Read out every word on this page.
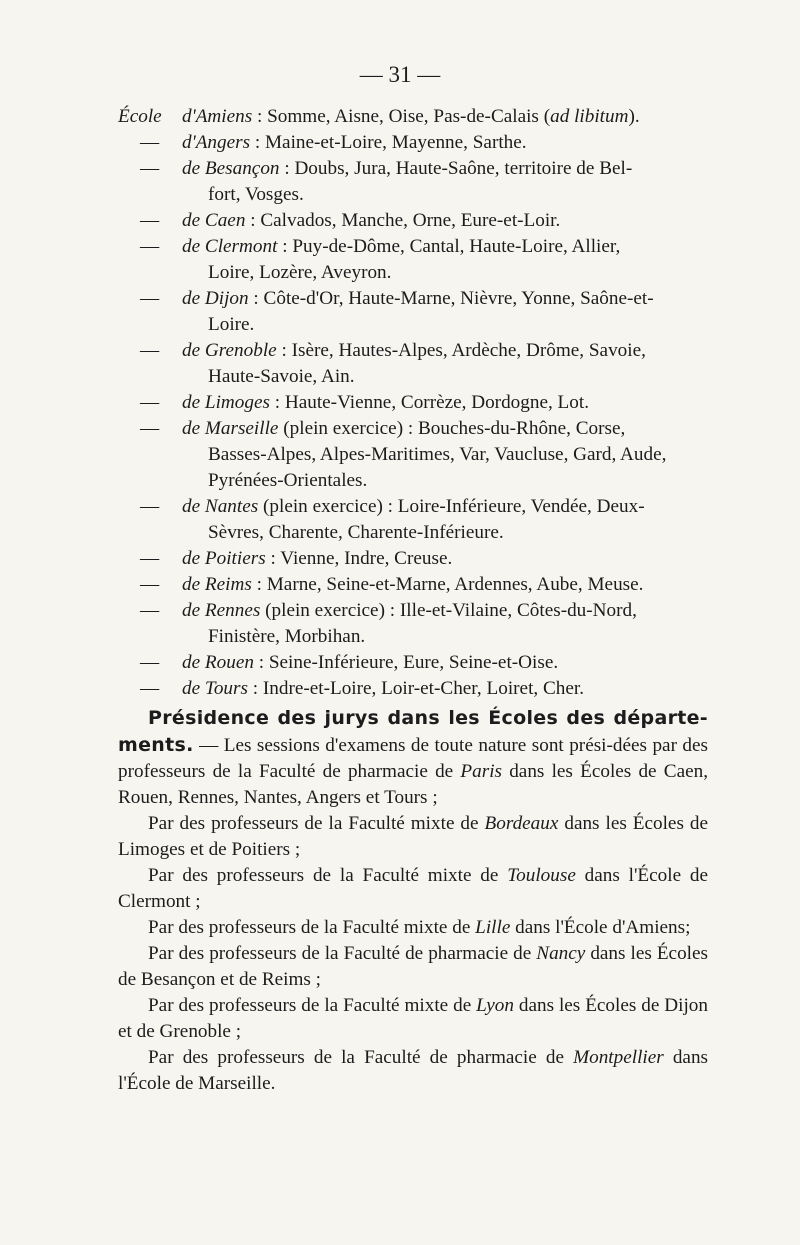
— 31 —
École	d'Amiens : Somme, Aisne, Oise, Pas-de-Calais (ad libitum).
— d'Angers : Maine-et-Loire, Mayenne, Sarthe.
— de Besançon : Doubs, Jura, Haute-Saône, territoire de Bel-
fort, Vosges.
— de Caen : Calvados, Manche, Orne, Eure-et-Loir.
— de Clermont : Puy-de-Dôme, Cantal, Haute-Loire, Allier,
Loire, Lozère, Aveyron.
— de Dijon : Côte-d'Or, Haute-Marne, Nièvre, Yonne, Saône-et-
Loire.
— de Grenoble : Isère, Hautes-Alpes, Ardèche, Drôme, Savoie,
Haute-Savoie, Ain.
— de Limoges : Haute-Vienne, Corrèze, Dordogne, Lot.
— de Marseille (plein exercice) : Bouches-du-Rhône, Corse,
Basses-Alpes, Alpes-Maritimes, Var, Vaucluse, Gard, Aude,
Pyrénées-Orientales.
— de Nantes (plein exercice) : Loire-Inférieure, Vendée, Deux-
Sèvres, Charente, Charente-Inférieure.
— de Poitiers : Vienne, Indre, Creuse.
— de Reims : Marne, Seine-et-Marne, Ardennes, Aube, Meuse.
— de Rennes (plein exercice) : Ille-et-Vilaine, Côtes-du-Nord,
Finistère, Morbihan.
— de Rouen : Seine-Inférieure, Eure, Seine-et-Oise.
— de Tours : Indre-et-Loire, Loir-et-Cher, Loiret, Cher.

Présidence des jurys dans les Écoles des départe-ments. — Les sessions d'examens de toute nature sont prési-dées par des professeurs de la Faculté de pharmacie de Paris dans les Écoles de Caen, Rouen, Rennes, Nantes, Angers et Tours ;

Par des professeurs de la Faculté mixte de Bordeaux dans les Écoles de Limoges et de Poitiers ;

Par des professeurs de la Faculté mixte de Toulouse dans l'École de Clermont ;

Par des professeurs de la Faculté mixte de Lille dans l'École d'Amiens;

Par des professeurs de la Faculté de pharmacie de Nancy dans les Écoles de Besançon et de Reims ;

Par des professeurs de la Faculté mixte de Lyon dans les Écoles de Dijon et de Grenoble ;

Par des professeurs de la Faculté de pharmacie de Montpellier dans l'École de Marseille.
